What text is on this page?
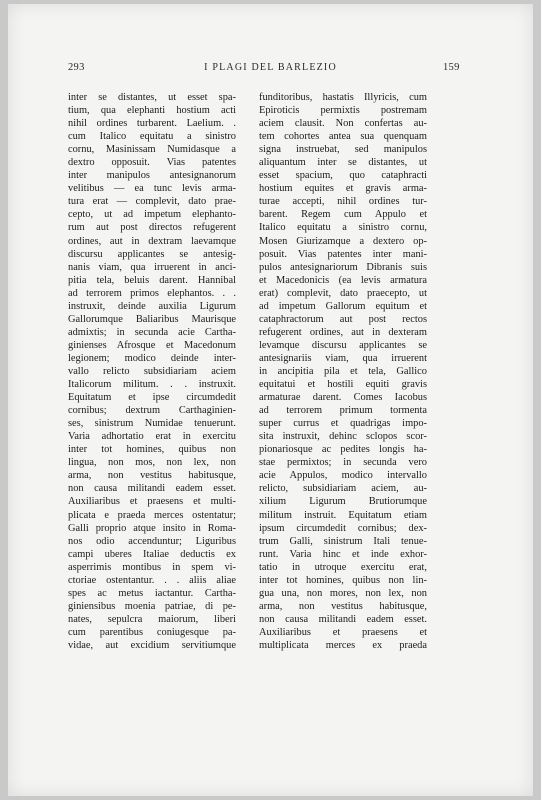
293	I PLAGI DEL BARLEZIO	159
inter se distantes, ut esset spa-
tium, qua elephanti hostium acti
nihil ordines turbarent. Laelium. .
cum Italico equitatu a sinistro
cornu, Masinissam Numidasque a
dextro opposuit. Vias patentes
inter manipulos antesignanorum
velitibus — ea tunc levis arma-
tura erat — complevit, dato prae-
cepto, ut ad impetum elephanto-
rum aut post directos refugerent
ordines, aut in dextram laevamque
discursu applicantes se antesig-
nanis viam, qua irruerent in anci-
pitia tela, beluis darent. Hannibal
ad terrorem primos elephantos. . .
instruxit, deinde auxilia Ligurum
Gallorumque Baliaribus Maurisque
admixtis; in secunda acie Cartha-
ginienses Afrosque et Macedonum
legionem; modico deinde inter-
vallo relicto subsidiariam aciem
Italicorum militum. . . instruxit.
Equitatum et ipse circumdedit
cornibus; dextrum Carthaginien-
ses, sinistrum Numidae tenuerunt.
Varia adhortatio erat in exercitu
inter tot homines, quibus non
lingua, non mos, non lex, non
arma, non vestitus habitusque,
non causa militandi eadem esset.
Auxiliaribus et praesens et multi-
plicata e praeda merces ostentatur;
Galli proprio atque insito in Roma-
nos odio accenduntur; Liguribus
campi uberes Italiae deductis ex
asperrimis montibus in spem vi-
ctoriae ostentantur. . . aliis aliae
spes ac metus iactantur. Cartha-
giniensibus moenia patriae, di pe-
nates, sepulcra maiorum, liberi
cum parentibus coniugesque pa-
vidae, aut excidium servitiumque
funditoribus, hastatis Illyricis, cum
Epiroticis permixtis postremam
aciem clausit. Non confertas au-
tem cohortes antea sua quenquam
signa instruebat, sed manipulos
aliquantum inter se distantes, ut
esset spacium, quo cataphracti
hostium equites et gravis arma-
turae accepti, nihil ordines tur-
barent. Regem cum Appulo et
Italico equitatu a sinistro cornu,
Mosen Giurizamque a dextero op-
posuit. Vias patentes inter mani-
pulos antesignariorum Dibranis suis
et Macedonicis (ea levis armatura
erat) complevit, dato praecepto, ut
ad impetum Gallorum equitum et
cataphractorum aut post rectos
refugerent ordines, aut in dexteram
levamque discursu applicantes se
antesignariis viam, qua irruerent
in ancipitia pila et tela, Gallico
equitatui et hostili equiti gravis
armaturae darent. Comes Iacobus
ad terrorem primum tormenta
super currus et quadrigas impo-
sita instruxit, dehinc sclopos scor-
pionariosque ac pedites longis ha-
stae permixtos; in secunda vero
acie Appulos, modico intervallo
relicto, subsidiariam aciem, au-
xilium Ligurum Brutiorumque
militum instruit. Equitatum etiam
ipsum circumdedit cornibus; dex-
trum Galli, sinistrum Itali tenue-
runt. Varia hinc et inde exhor-
tatio in utroque exercitu erat,
inter tot homines, quibus non lin-
gua una, non mores, non lex, non
arma, non vestitus habitusque,
non causa militandi eadem esset.
Auxiliaribus et praesens et
multiplicata merces ex praeda
